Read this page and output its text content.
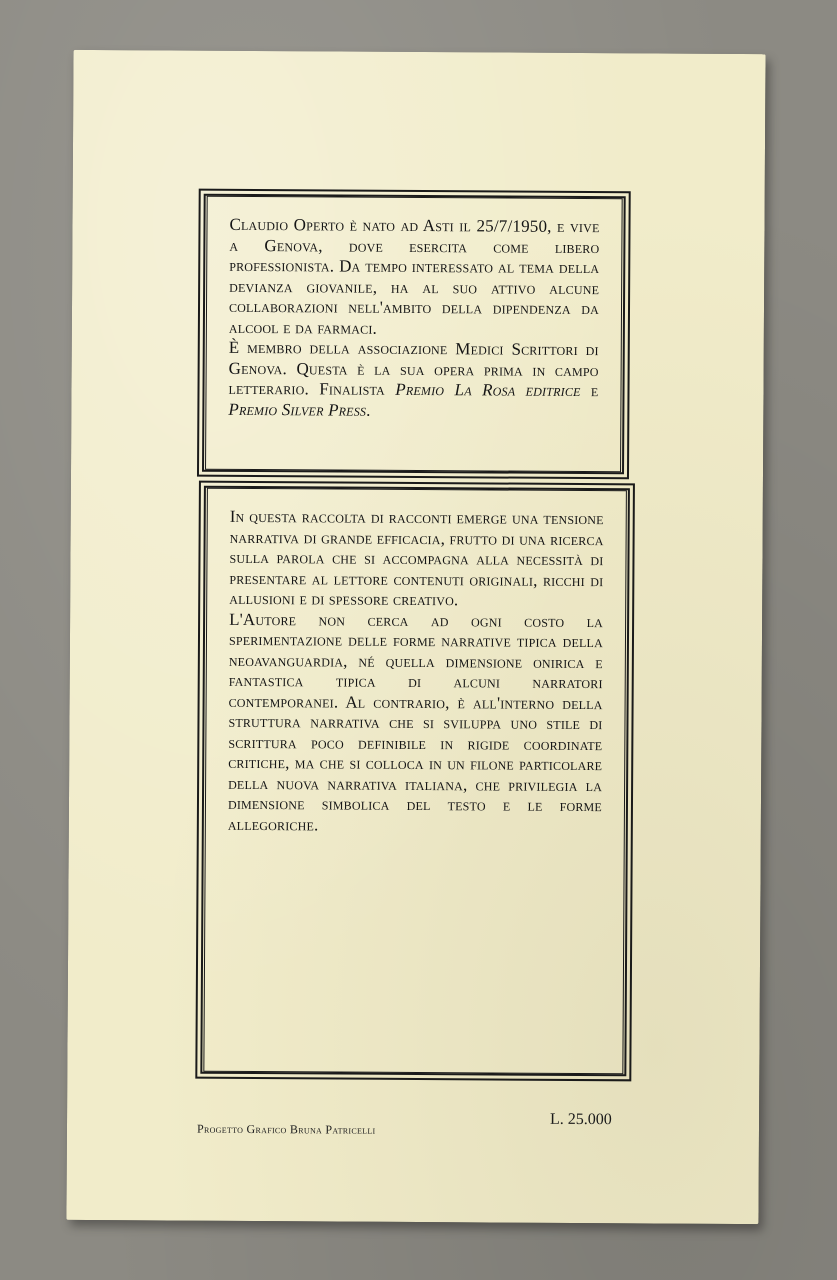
Claudio Operto è nato ad Asti il 25/7/1950, e vive a Genova, dove esercita come libero professionista. Da tempo interessato al tema della devianza giovanile, ha al suo attivo alcune collaborazioni nell'ambito della dipendenza da alcool e da farmaci.

È membro della associazione Medici Scrittori di Genova. Questa è la sua opera prima in campo letterario. Finalista Premio La Rosa editrice e Premio Silver Press.

In questa raccolta di racconti emerge una tensione narrativa di grande efficacia, frutto di una ricerca sulla parola che si accompagna alla necessità di presentare al lettore contenuti originali, ricchi di allusioni e di spessore creativo.

L'Autore non cerca ad ogni costo la sperimentazione delle forme narrative tipica della neoavanguardia, né quella dimensione onirica e fantastica tipica di alcuni narratori contemporanei. Al contrario, è all'interno della struttura narrativa che si sviluppa uno stile di scrittura poco definibile in rigide coordinate critiche, ma che si colloca in un filone particolare della nuova narrativa italiana, che privilegia la dimensione simbolica del testo e le forme allegoriche.

Progetto Grafico Bruna Patricelli
L. 25.000
